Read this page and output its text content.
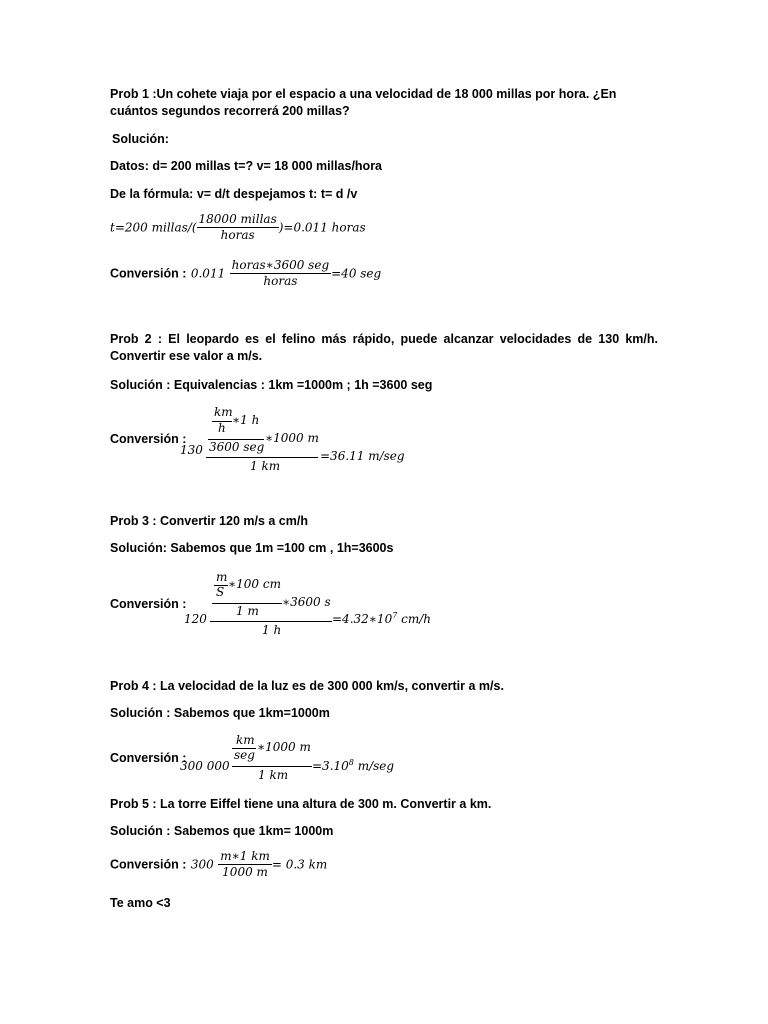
Prob 1 :Un cohete viaja por el espacio a una velocidad de 18 000 millas por hora. ¿En cuántos segundos recorrerá 200 millas?
Solución:
Datos: d= 200 millas t=? v= 18 000 millas/hora
De la fórmula: v= d/t despejamos t: t= d /v
t=200 millas/( $\frac{\text{18000 millas}}{\text{horas}} )=0.011$ horas
Conversión : $0.011 \frac{\text{horas∗3600 seg}}{\text{horas}} =40$ seg
Prob 2 : El leopardo es el felino más rápido, puede alcanzar velocidades de 130 km/h. Convertir ese valor a m/s.
Solución : Equivalencias : 1km =1000m ; 1h =3600 seg
Conversión :
130
km
h
∗1 h
3600 seg
∗1000 m
1 km
=36.11 m/seg
Prob 3 : Convertir 120 m/s a cm/h
Solución: Sabemos que 1m =100 cm , 1h=3600s
Conversión :
120
m
S
∗100 cm
1 m
∗3600 s
1 h
$=4.32∗10^7$ cm/h
Prob 4 : La velocidad de la luz es de 300 000 km/s, convertir a m/s.
Solución : Sabemos que 1km=1000m
Conversión :
300 000
km
seg
∗1000 m
1 km
$=3.10^8$ m/seg
Prob 5 : La torre Eiffel tiene una altura de 300 m. Convertir a km.
Solución : Sabemos que 1km= 1000m
Conversión : $300 \frac{m∗1 km}{1000 m} = 0.3$ km
Te amo <3
